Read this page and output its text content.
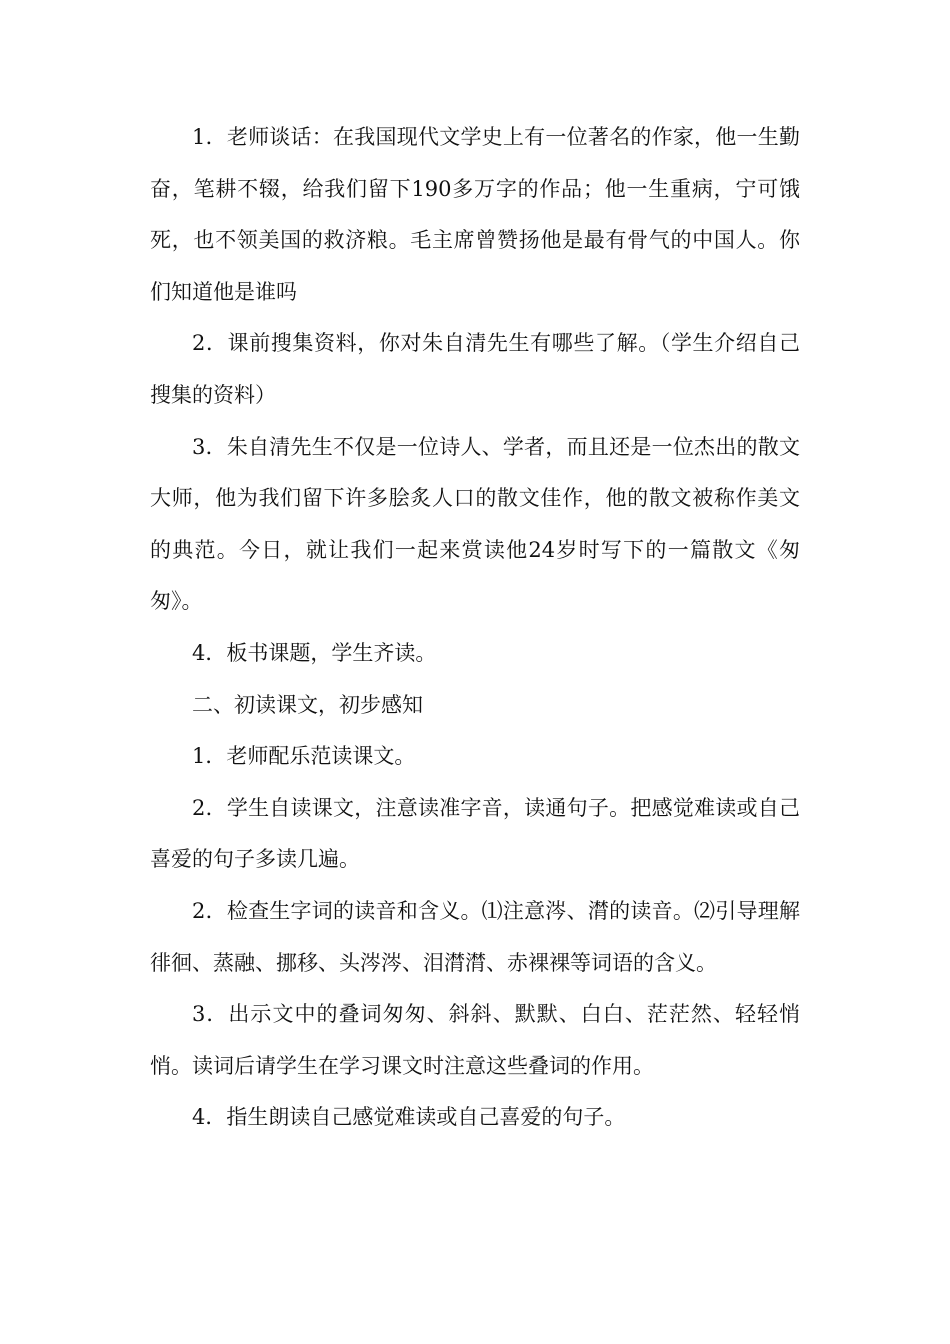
1．老师谈话：在我国现代文学史上有一位著名的作家，他一生勤奋，笔耕不辍，给我们留下190多万字的作品；他一生重病，宁可饿死，也不领美国的救济粮。毛主席曾赞扬他是最有骨气的中国人。你们知道他是谁吗

2．课前搜集资料，你对朱自清先生有哪些了解。（学生介绍自己搜集的资料）

3．朱自清先生不仅是一位诗人、学者，而且还是一位杰出的散文大师，他为我们留下许多脍炙人口的散文佳作，他的散文被称作美文的典范。今日，就让我们一起来赏读他24岁时写下的一篇散文《匆匆》。

4．板书课题，学生齐读。

二、初读课文，初步感知

1．老师配乐范读课文。

2．学生自读课文，注意读准字音，读通句子。把感觉难读或自己喜爱的句子多读几遍。

2．检查生字词的读音和含义。⑴注意涔、潸的读音。⑵引导理解徘徊、蒸融、挪移、头涔涔、泪潸潸、赤裸裸等词语的含义。

3．出示文中的叠词匆匆、斜斜、默默、白白、茫茫然、轻轻悄悄。读词后请学生在学习课文时注意这些叠词的作用。

4．指生朗读自己感觉难读或自己喜爱的句子。
